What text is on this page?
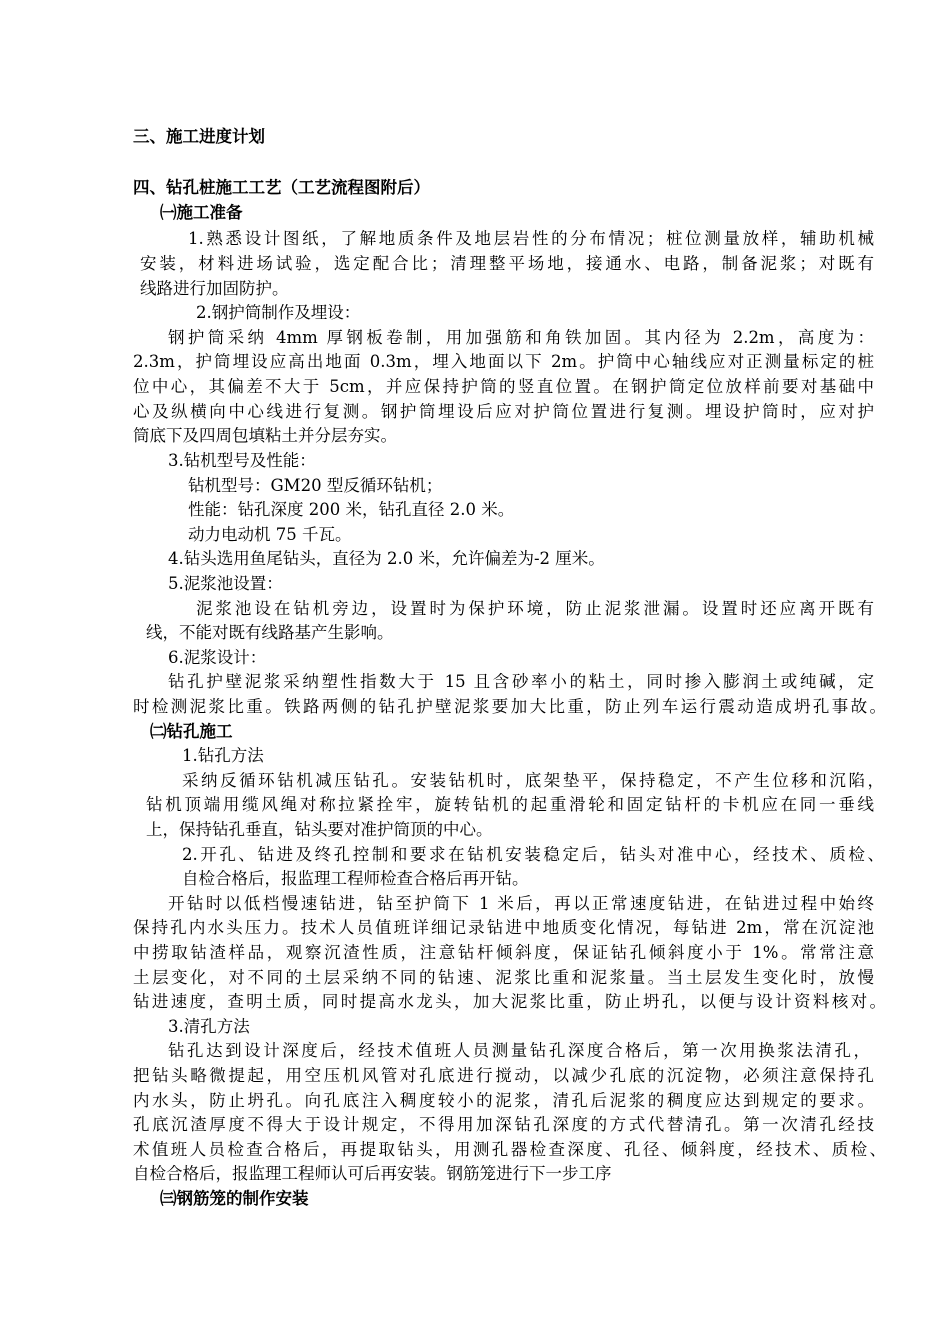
三、施工进度计划
四、钻孔桩施工工艺（工艺流程图附后）
㈠施工准备
1.熟悉设计图纸，了解地质条件及地层岩性的分布情况；桩位测量放样，辅助机械
安装，材料进场试验，选定配合比；清理整平场地，接通水、电路，制备泥浆；对既有
线路进行加固防护。
2.钢护筒制作及埋设：
钢护筒采纳 4mm 厚钢板卷制，用加强筋和角铁加固。其内径为 2.2m，高度为：
2.3m，护筒埋设应高出地面 0.3m，埋入地面以下 2m。护筒中心轴线应对正测量标定的桩
位中心，其偏差不大于 5cm，并应保持护筒的竖直位置。在钢护筒定位放样前要对基础中
心及纵横向中心线进行复测。钢护筒埋设后应对护筒位置进行复测。埋设护筒时，应对护
筒底下及四周包填粘土并分层夯实。
3.钻机型号及性能：
钻机型号：GM20 型反循环钻机；
性能：钻孔深度 200 米，钻孔直径 2.0 米。
动力电动机 75 千瓦。
4.钻头选用鱼尾钻头，直径为 2.0 米，允许偏差为-2 厘米。
5.泥浆池设置：
泥浆池设在钻机旁边，设置时为保护环境，防止泥浆泄漏。设置时还应离开既有
线，不能对既有线路基产生影响。
6.泥浆设计：
钻孔护壁泥浆采纳塑性指数大于 15 且含砂率小的粘土，同时掺入膨润土或纯碱，定
时检测泥浆比重。铁路两侧的钻孔护壁泥浆要加大比重，防止列车运行震动造成坍孔事故。
㈡钻孔施工
1.钻孔方法
采纳反循环钻机减压钻孔。安装钻机时，底架垫平，保持稳定，不产生位移和沉陷，
钻机顶端用缆风绳对称拉紧拴牢，旋转钻机的起重滑轮和固定钻杆的卡机应在同一垂线
上，保持钻孔垂直，钻头要对准护筒顶的中心。
2.开孔、钻进及终孔控制和要求在钻机安装稳定后，钻头对准中心，经技术、质检、
自检合格后，报监理工程师检查合格后再开钻。
开钻时以低档慢速钻进，钻至护筒下 1 米后，再以正常速度钻进，在钻进过程中始终
保持孔内水头压力。技术人员值班详细记录钻进中地质变化情况，每钻进 2m，常在沉淀池
中捞取钻渣样品，观察沉渣性质，注意钻杆倾斜度，保证钻孔倾斜度小于 1%。常常注意
土层变化，对不同的土层采纳不同的钻速、泥浆比重和泥浆量。当土层发生变化时，放慢
钻进速度，查明土质，同时提高水龙头，加大泥浆比重，防止坍孔，以便与设计资料核对。
3.清孔方法
钻孔达到设计深度后，经技术值班人员测量钻孔深度合格后，第一次用换浆法清孔，
把钻头略微提起，用空压机风管对孔底进行搅动，以减少孔底的沉淀物，必须注意保持孔
内水头，防止坍孔。向孔底注入稠度较小的泥浆，清孔后泥浆的稠度应达到规定的要求。
孔底沉渣厚度不得大于设计规定，不得用加深钻孔深度的方式代替清孔。第一次清孔经技
术值班人员检查合格后，再提取钻头，用测孔器检查深度、孔径、倾斜度，经技术、质检、
自检合格后，报监理工程师认可后再安装。钢筋笼进行下一步工序
㈢钢筋笼的制作安装
